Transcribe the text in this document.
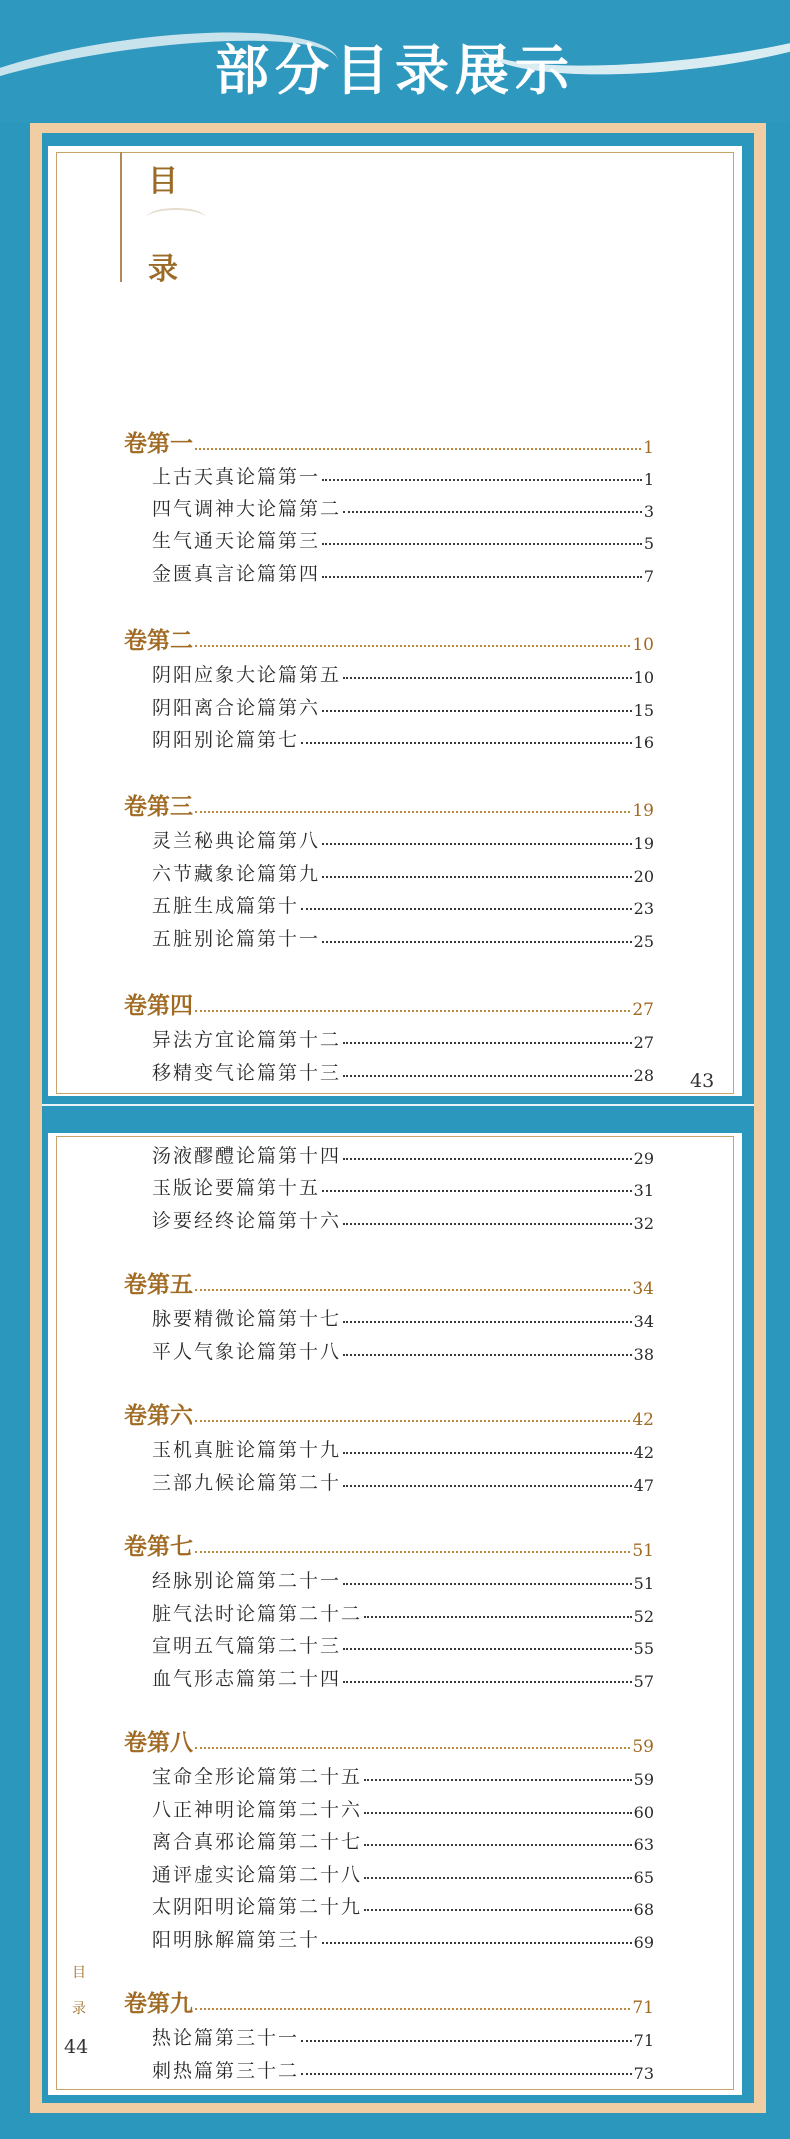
部分目录展示
目
录
卷第一	1
上古天真论篇第一	1
四气调神大论篇第二	3
生气通天论篇第三	5
金匮真言论篇第四	7
卷第二	10
阴阳应象大论篇第五	10
阴阳离合论篇第六	15
阴阳别论篇第七	16
卷第三	19
灵兰秘典论篇第八	19
六节藏象论篇第九	20
五脏生成篇第十	23
五脏别论篇第十一	25
卷第四	27
异法方宜论篇第十二	27
移精变气论篇第十三	28
汤液醪醴论篇第十四	29
玉版论要篇第十五	31
诊要经终论篇第十六	32
卷第五	34
脉要精微论篇第十七	34
平人气象论篇第十八	38
卷第六	42
玉机真脏论篇第十九	42
三部九候论篇第二十	47
卷第七	51
经脉别论篇第二十一	51
脏气法时论篇第二十二	52
宣明五气篇第二十三	55
血气形志篇第二十四	57
卷第八	59
宝命全形论篇第二十五	59
八正神明论篇第二十六	60
离合真邪论篇第二十七	63
通评虚实论篇第二十八	65
太阴阳明论篇第二十九	68
阳明脉解篇第三十	69
卷第九	71
热论篇第三十一	71
刺热篇第三十二	73
43
目
录
44
